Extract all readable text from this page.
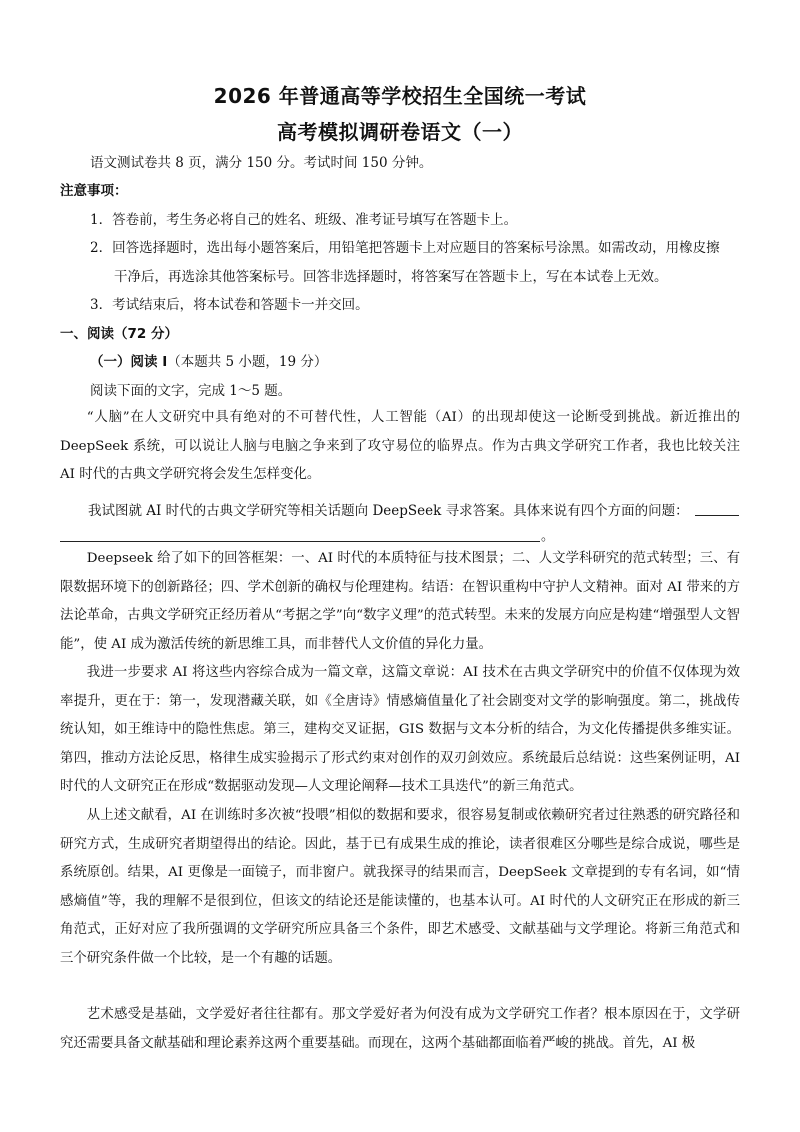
2026 年普通高等学校招生全国统一考试
高考模拟调研卷语文（一）
语文测试卷共 8 页，满分 150 分。考试时间 150 分钟。
注意事项：
1．答卷前，考生务必将自己的姓名、班级、准考证号填写在答题卡上。
2．回答选择题时，选出每小题答案后，用铅笔把答题卡上对应题目的答案标号涂黑。如需改动，用橡皮擦
干净后，再选涂其他答案标号。回答非选择题时，将答案写在答题卡上，写在本试卷上无效。
3．考试结束后，将本试卷和答题卡一并交回。
一、阅读（72 分）
（一）阅读 I（本题共 5 小题，19 分）
阅读下面的文字，完成 1～5 题。
“人脑”在人文研究中具有绝对的不可替代性，人工智能（AI）的出现却使这一论断受到挑战。新近推出的 DeepSeek 系统，可以说让人脑与电脑之争来到了攻守易位的临界点。作为古典文学研究工作者，我也比较关注 AI 时代的古典文学研究将会发生怎样变化。
我试图就 AI 时代的古典文学研究等相关话题向 DeepSeek 寻求答案。具体来说有四个方面的问题：
。
Deepseek 给了如下的回答框架：一、AI 时代的本质特征与技术图景；二、人文学科研究的范式转型；三、有限数据环境下的创新路径；四、学术创新的确权与伦理建构。结语：在智识重构中守护人文精神。面对 AI 带来的方法论革命，古典文学研究正经历着从“考据之学”向“数字义理”的范式转型。未来的发展方向应是构建“增强型人文智能”，使 AI 成为激活传统的新思维工具，而非替代人文价值的异化力量。
我进一步要求 AI 将这些内容综合成为一篇文章，这篇文章说：AI 技术在古典文学研究中的价值不仅体现为效率提升，更在于：第一，发现潜藏关联，如《全唐诗》情感熵值量化了社会剧变对文学的影响强度。第二，挑战传统认知，如王维诗中的隐性焦虑。第三，建构交叉证据，GIS 数据与文本分析的结合，为文化传播提供多维实证。第四，推动方法论反思，格律生成实验揭示了形式约束对创作的双刃剑效应。系统最后总结说：这些案例证明，AI 时代的人文研究正在形成“数据驱动发现—人文理论阐释—技术工具迭代”的新三角范式。
从上述文献看，AI 在训练时多次被“投喂”相似的数据和要求，很容易复制或依赖研究者过往熟悉的研究路径和研究方式，生成研究者期望得出的结论。因此，基于已有成果生成的推论，读者很难区分哪些是综合成说，哪些是系统原创。结果，AI 更像是一面镜子，而非窗户。就我探寻的结果而言，DeepSeek 文章提到的专有名词，如“情感熵值”等，我的理解不是很到位，但该文的结论还是能读懂的，也基本认可。AI 时代的人文研究正在形成的新三角范式，正好对应了我所强调的文学研究所应具备三个条件，即艺术感受、文献基础与文学理论。将新三角范式和三个研究条件做一个比较，是一个有趣的话题。
艺术感受是基础，文学爱好者往往都有。那文学爱好者为何没有成为文学研究工作者？根本原因在于，文学研究还需要具备文献基础和理论素养这两个重要基础。而现在，这两个基础都面临着严峻的挑战。首先，AI 极
